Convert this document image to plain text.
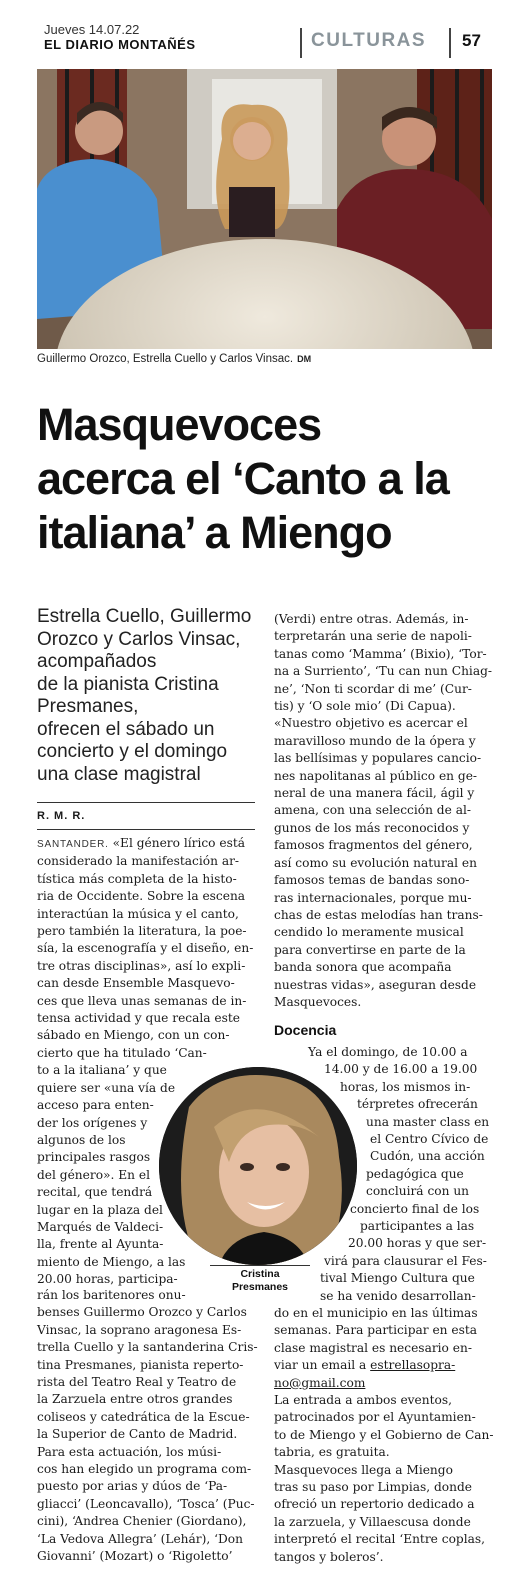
Jueves 14.07.22
EL DIARIO MONTAÑÉS	CULTURAS 57
Guillermo Orozco, Estrella Cuello y Carlos Vinsac. DM
Masquevoces
acerca el ‘Canto a la
italiana’ a Miengo
Estrella Cuello, Guillermo
Orozco y Carlos Vinsac,
acompañados
de la pianista Cristina
Presmanes,
ofrecen el sábado un
concierto y el domingo
una clase magistral
R. M. R.
SANTANDER. «El género lírico está
considerado la manifestación ar-
tística más completa de la histo-
ria de Occidente. Sobre la escena
interactúan la música y el canto,
pero también la literatura, la poe-
sía, la escenografía y el diseño, en-
tre otras disciplinas», así lo expli-
can desde Ensemble Masquevo-
ces que lleva unas semanas de in-
tensa actividad y que recala este
sábado en Miengo, con un con-
cierto que ha titulado ‘Can-
to a la italiana’ y que
quiere ser «una vía de
acceso para enten-
der los orígenes y
algunos de los
principales rasgos
del género». En el
recital, que tendrá
lugar en la plaza del
Marqués de Valdeci-
lla, frente al Ayunta-
miento de Miengo, a las
20.00 horas, participa-
rán los baritenores onu-
benses Guillermo Orozco y Carlos
Vinsac, la soprano aragonesa Es-
trella Cuello y la santanderina Cris-
tina Presmanes, pianista reperto-
rista del Teatro Real y Teatro de
la Zarzuela entre otros grandes
coliseos y catedrática de la Escue-
la Superior de Canto de Madrid.
Para esta actuación, los músi-
cos han elegido un programa com-
puesto por arias y dúos de ‘Pa-
gliacci’ (Leoncavallo), ‘Tosca’ (Puc-
cini), ‘Andrea Chenier (Giordano),
‘La Vedova Allegra’ (Lehár), ‘Don
Giovanni’ (Mozart) o ‘Rigoletto’
(Verdi) entre otras. Además, in-
terpretarán una serie de napoli-
tanas como ‘Mamma’ (Bixio), ‘Tor-
na a Surriento’, ‘Tu can nun Chiag-
ne’, ‘Non ti scordar di me’ (Cur-
tis) y ‘O sole mio’ (Di Capua).
«Nuestro objetivo es acercar el
maravilloso mundo de la ópera y
las bellísimas y populares cancio-
nes napolitanas al público en ge-
neral de una manera fácil, ágil y
amena, con una selección de al-
gunos de los más reconocidos y
famosos fragmentos del género,
así como su evolución natural en
famosos temas de bandas sono-
ras internacionales, porque mu-
chas de estas melodías han trans-
cendido lo meramente musical
para convertirse en parte de la
banda sonora que acompaña
nuestras vidas», aseguran desde
Masquevoces.
Docencia
Ya el domingo, de 10.00 a
14.00 y de 16.00 a 19.00
horas, los mismos in-
térpretes ofrecerán
una master class en
el Centro Cívico de
Cudón, una acción
pedagógica que
concluirá con un
concierto final de los
participantes a las
20.00 horas y que ser-
virá para clausurar el Fes-
tival Miengo Cultura que
se ha venido desarrollan-
do en el municipio en las últimas
semanas. Para participar en esta
clase magistral es necesario en-
viar un email a estrellasopra-
no@gmail.com
La entrada a ambos eventos,
patrocinados por el Ayuntamien-
to de Miengo y el Gobierno de Can-
tabria, es gratuita.
Masquevoces llega a Miengo
tras su paso por Limpias, donde
ofreció un repertorio dedicado a
la zarzuela, y Villaescusa donde
interpretó el recital ‘Entre coplas,
tangos y boleros’.
Cristina
Presmanes
